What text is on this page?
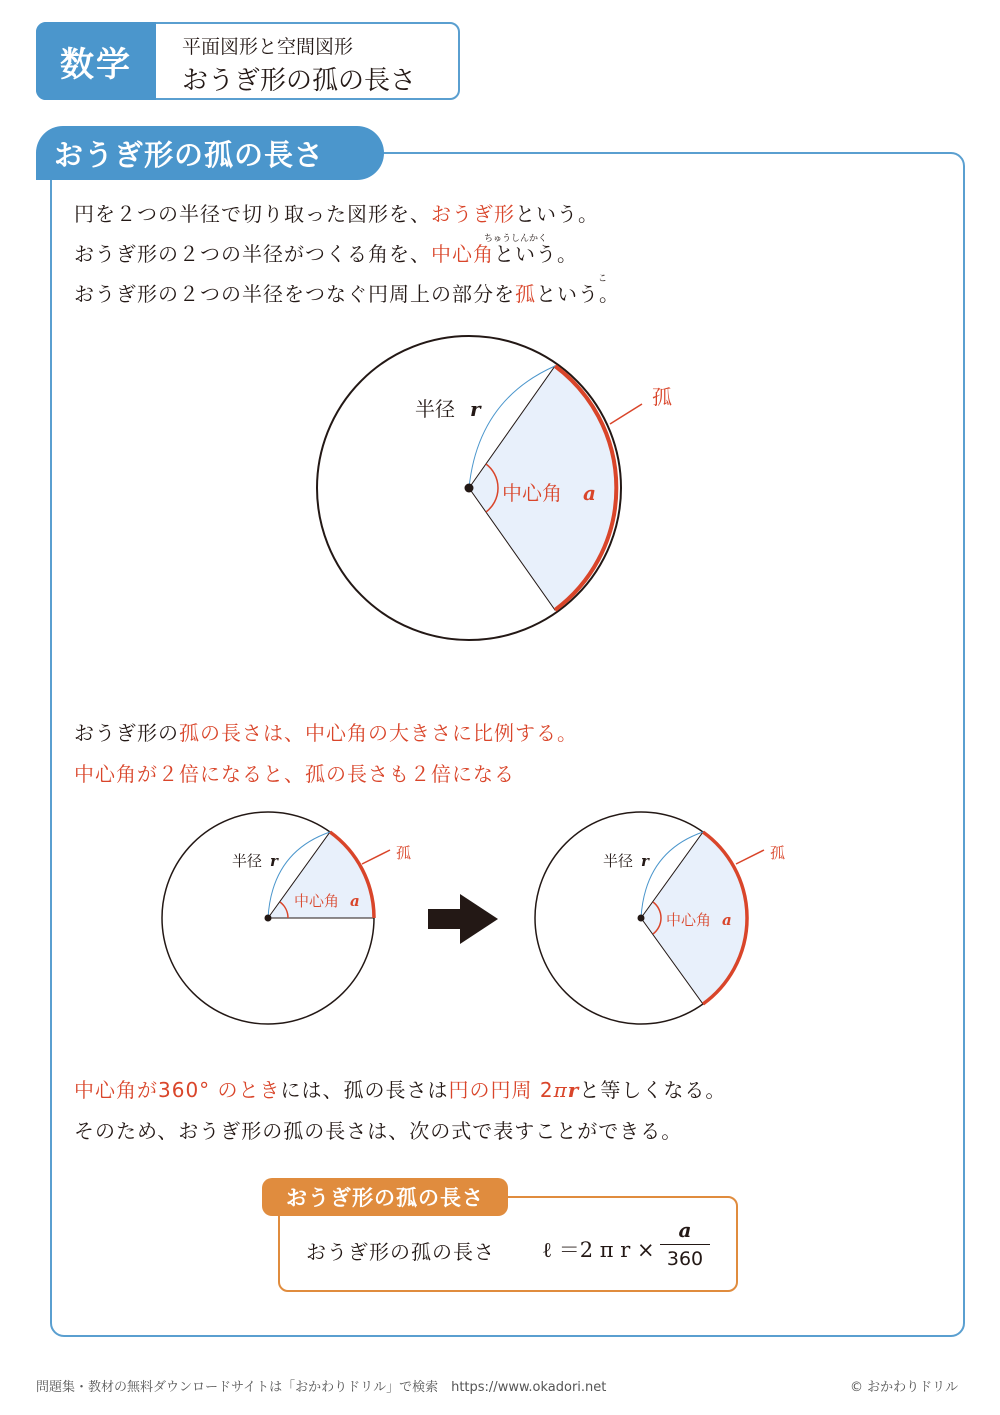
数学	平面図形と空間図形
おうぎ形の孤の長さ
おうぎ形の孤の長さ
円を２つの半径で切り取った図形を、おうぎ形という。
ちゅうしんかく
おうぎ形の２つの半径がつくる角を、中心角という。
こ
おうぎ形の２つの半径をつなぐ円周上の部分を孤という。
半径 r
中心角 a
孤
半径 r
中心角 a
孤	半径 r
中心角 a
孤
おうぎ形の孤の長さは、中心角の大きさに比例する。
中心角が２倍になると、孤の長さも２倍になる
中心角が360° のときには、孤の長さは円の円周 2πrと等しくなる。
そのため、おうぎ形の孤の長さは、次の式で表すことができる。
おうぎ形の孤の長さ
おうぎ形の孤の長さ ℓ ＝2 π r ×
a
360
問題集・教材の無料ダウンロードサイトは「おかわりドリル」で検索　https://www.okadori.net	© おかわりドリル
